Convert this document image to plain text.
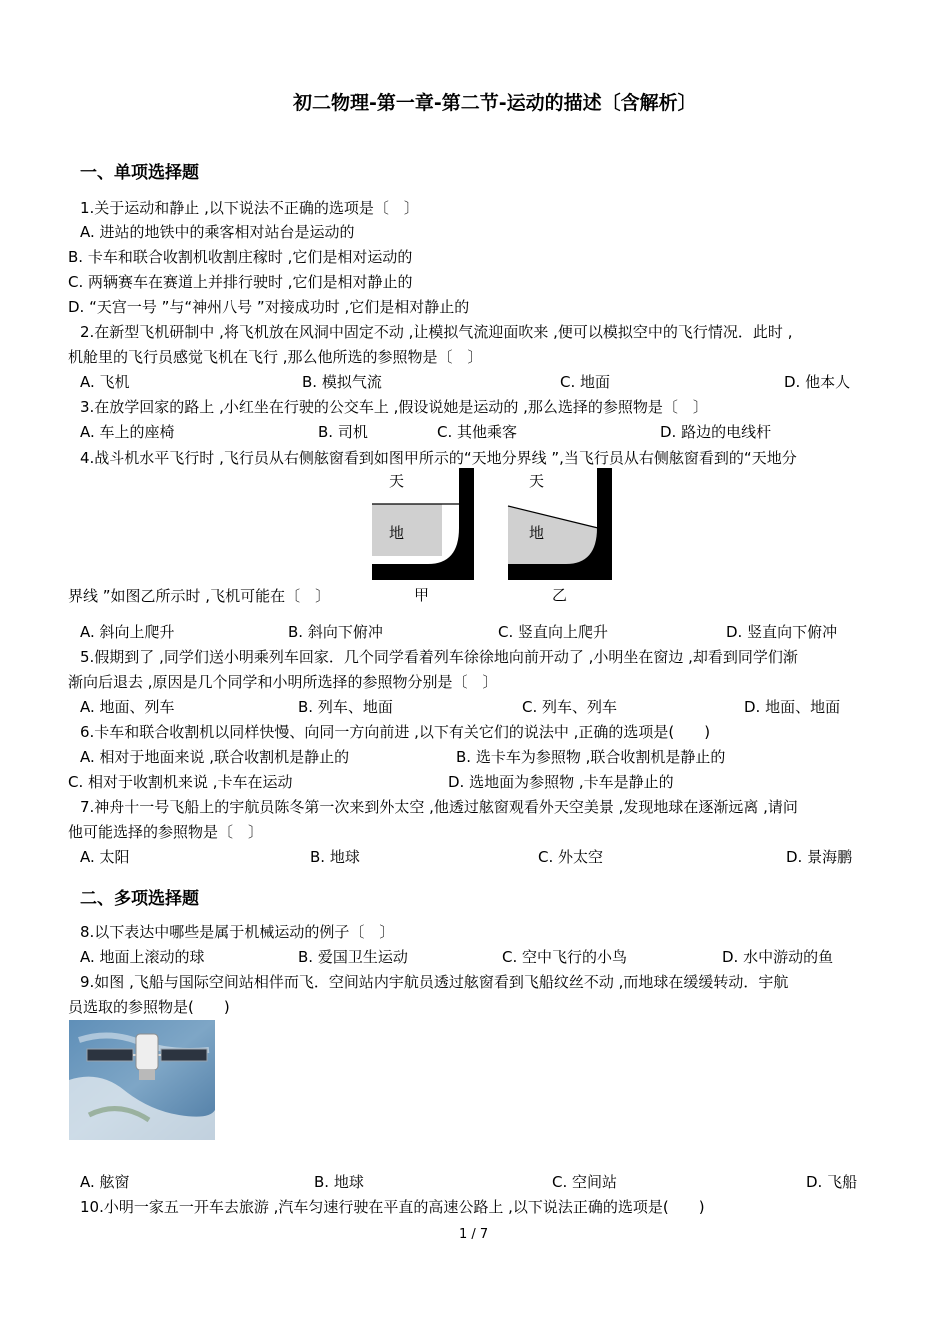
初二物理-第一章-第二节-运动的描述〔含解析〕
一、单项选择题
1.关于运动和静止 ,以下说法不正确的选项是〔　〕
A. 进站的地铁中的乘客相对站台是运动的
B. 卡车和联合收割机收割庄稼时 ,它们是相对运动的
C. 两辆赛车在赛道上并排行驶时 ,它们是相对静止的
D. “天宫一号 ”与“神州八号 ”对接成功时 ,它们是相对静止的
2.在新型飞机研制中 ,将飞机放在风洞中固定不动 ,让模拟气流迎面吹来 ,便可以模拟空中的飞行情况．此时 ,
机舱里的飞行员感觉飞机在飞行 ,那么他所选的参照物是〔　〕
A. 飞机	B. 模拟气流	C. 地面	D. 他本人
3.在放学回家的路上 ,小红坐在行驶的公交车上 ,假设说她是运动的 ,那么选择的参照物是〔　〕
A. 车上的座椅	B. 司机	C. 其他乘客	D. 路边的电线杆
4.战斗机水平飞行时 ,飞行员从右侧舷窗看到如图甲所示的“天地分界线 ”,当飞行员从右侧舷窗看到的“天地分
天
地
甲
天
地
乙
界线 ”如图乙所示时 ,飞机可能在〔　〕
A. 斜向上爬升	B. 斜向下俯冲	C. 竖直向上爬升	D. 竖直向下俯冲
5.假期到了 ,同学们送小明乘列车回家．几个同学看着列车徐徐地向前开动了 ,小明坐在窗边 ,却看到同学们渐
渐向后退去 ,原因是几个同学和小明所选择的参照物分别是〔　〕
A. 地面、列车	B. 列车、地面	C. 列车、列车	D. 地面、地面
6.卡车和联合收割机以同样快慢、向同一方向前进 ,以下有关它们的说法中 ,正确的选项是(　　)
A. 相对于地面来说 ,联合收割机是静止的	B. 选卡车为参照物 ,联合收割机是静止的
C. 相对于收割机来说 ,卡车在运动	D. 选地面为参照物 ,卡车是静止的
7.神舟十一号飞船上的宇航员陈冬第一次来到外太空 ,他透过舷窗观看外天空美景 ,发现地球在逐渐远离 ,请问
他可能选择的参照物是〔　〕
A. 太阳	B. 地球	C. 外太空	D. 景海鹏
二、多项选择题
8.以下表达中哪些是属于机械运动的例子〔　〕
A. 地面上滚动的球	B. 爱国卫生运动	C. 空中飞行的小鸟	D. 水中游动的鱼
9.如图 ,飞船与国际空间站相伴而飞．空间站内宇航员透过舷窗看到飞船纹丝不动 ,而地球在缓缓转动．宇航
员选取的参照物是(　　)
A. 舷窗	B. 地球	C. 空间站	D. 飞船
10.小明一家五一开车去旅游 ,汽车匀速行驶在平直的高速公路上 ,以下说法正确的选项是(　　)
1 / 7
